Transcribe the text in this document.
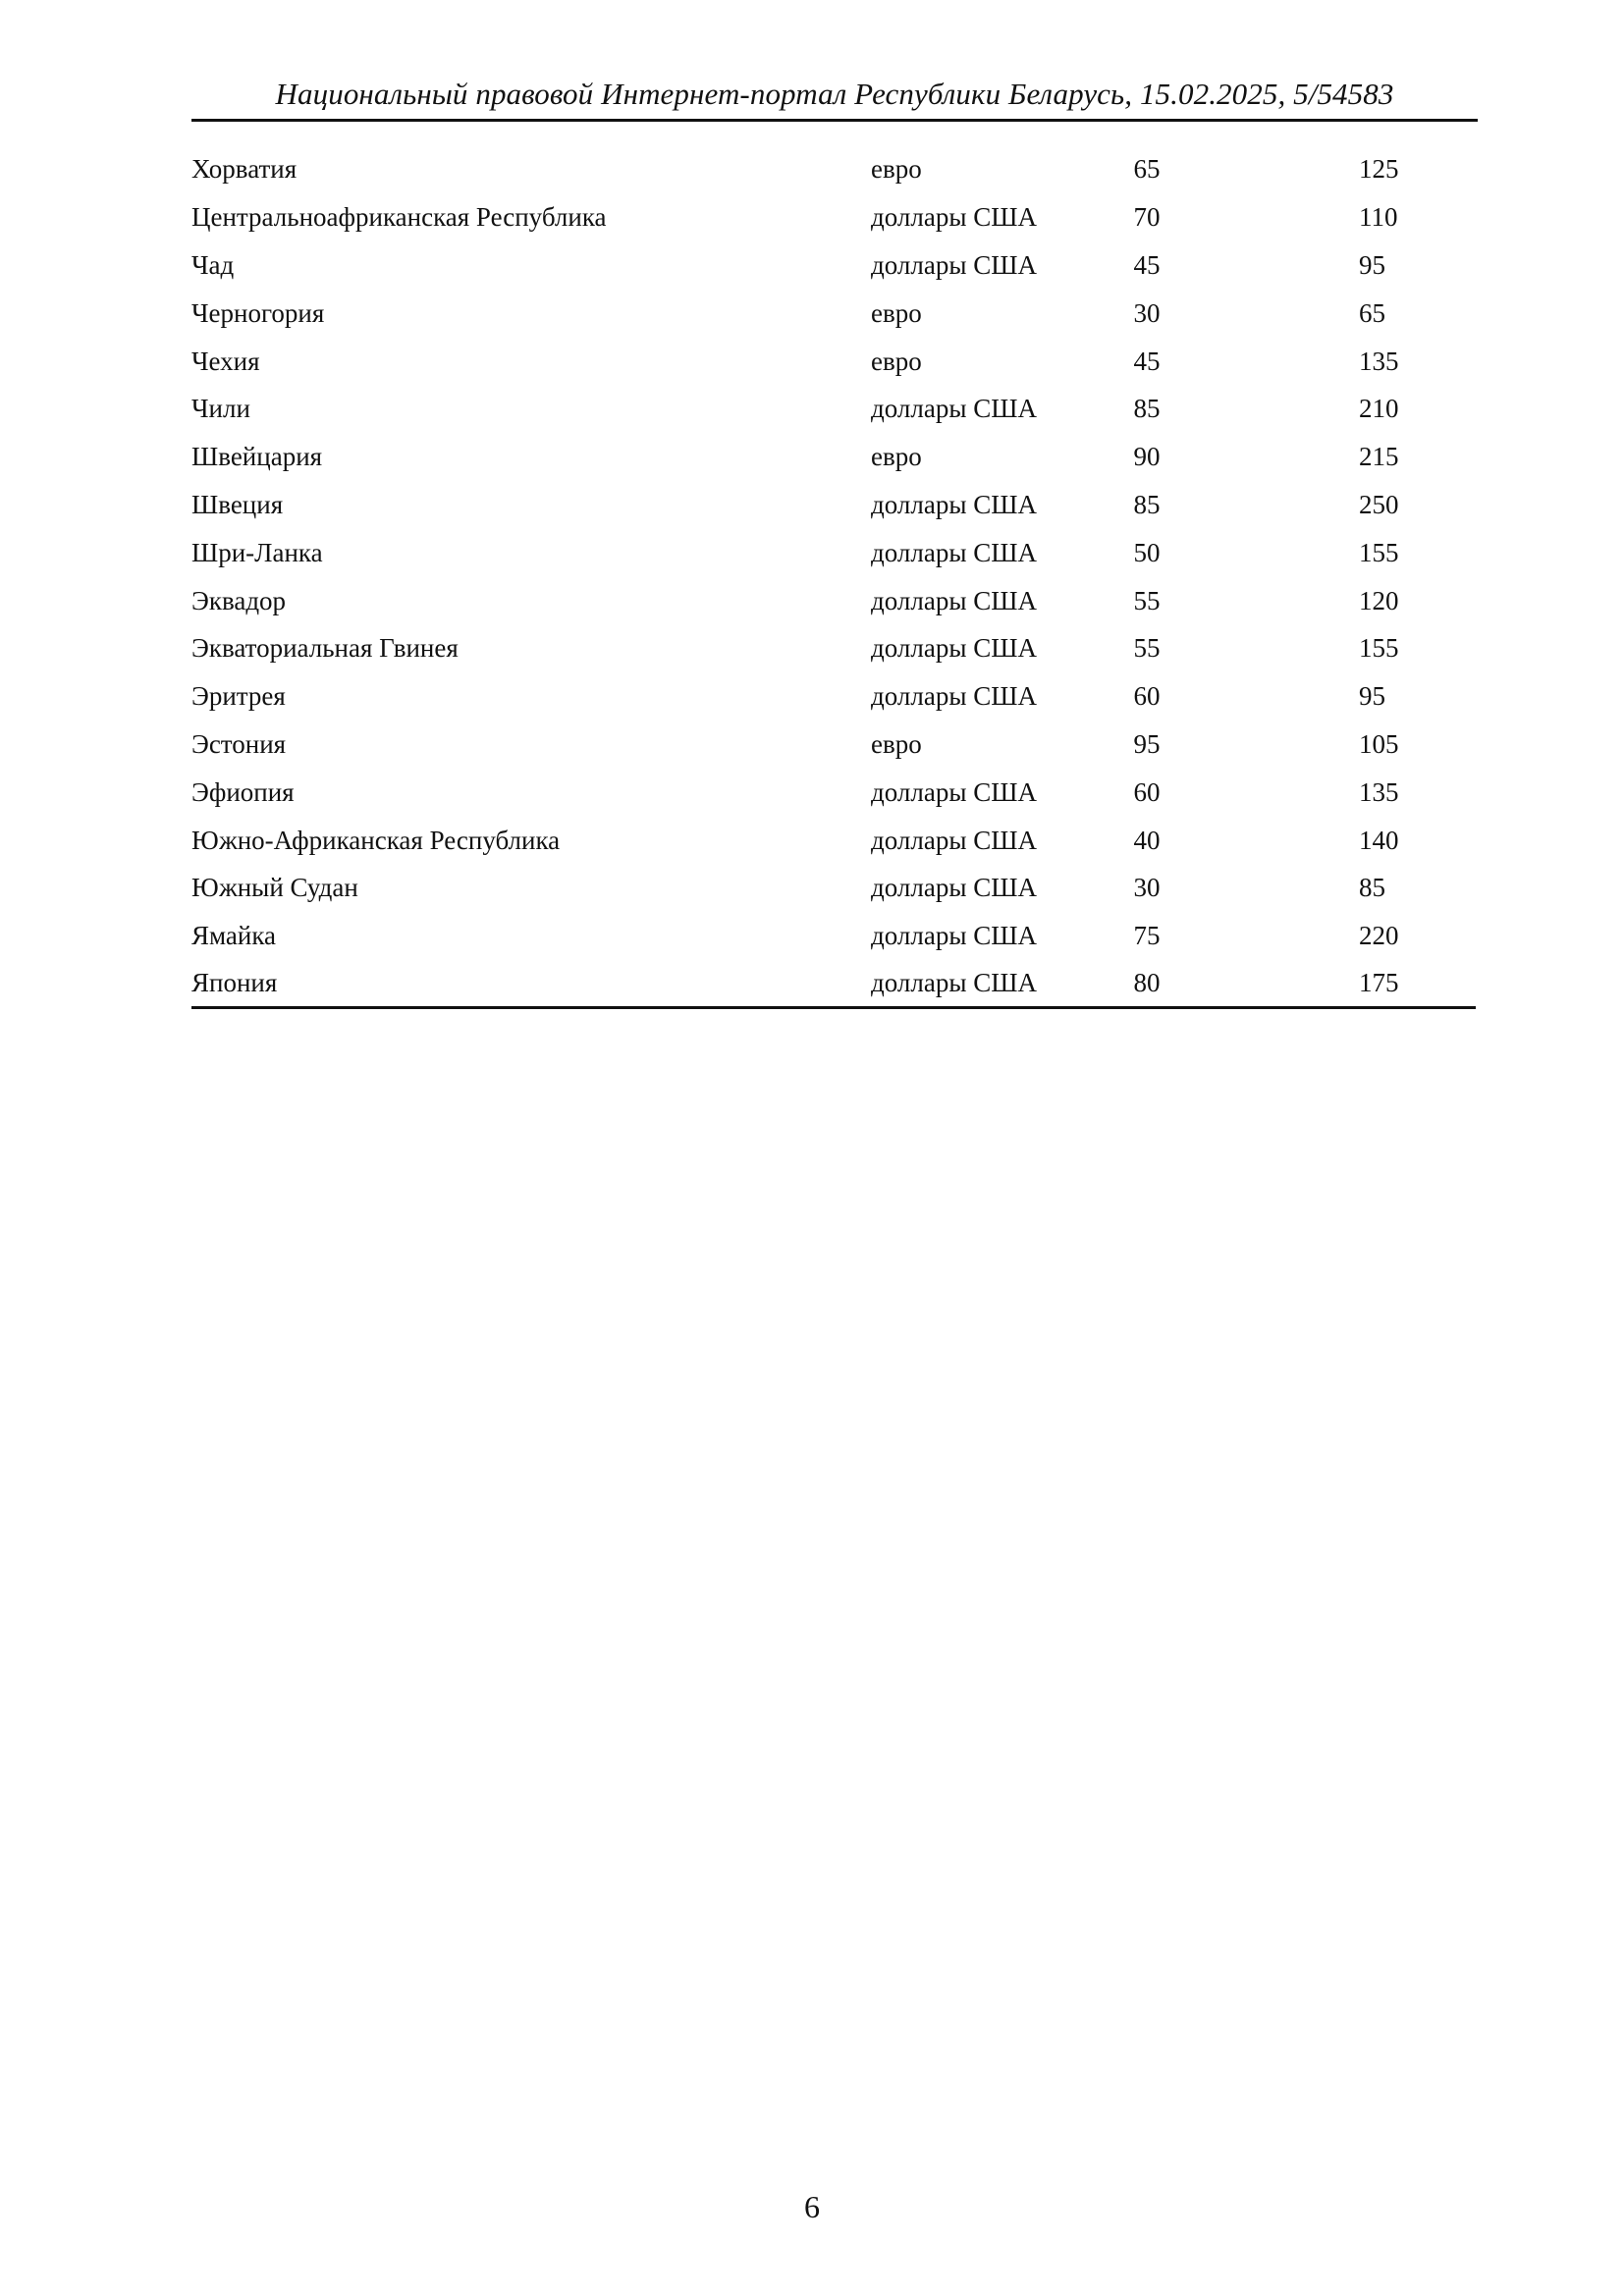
Национальный правовой Интернет-портал Республики Беларусь, 15.02.2025, 5/54583
Хорватия	евро	65	125
Центральноафриканская Республика	доллары США	70	110
Чад	доллары США	45	95
Черногория	евро	30	65
Чехия	евро	45	135
Чили	доллары США	85	210
Швейцария	евро	90	215
Швеция	доллары США	85	250
Шри-Ланка	доллары США	50	155
Эквадор	доллары США	55	120
Экваториальная Гвинея	доллары США	55	155
Эритрея	доллары США	60	95
Эстония	евро	95	105
Эфиопия	доллары США	60	135
Южно-Африканская Республика	доллары США	40	140
Южный Судан	доллары США	30	85
Ямайка	доллары США	75	220
Япония	доллары США	80	175
6
